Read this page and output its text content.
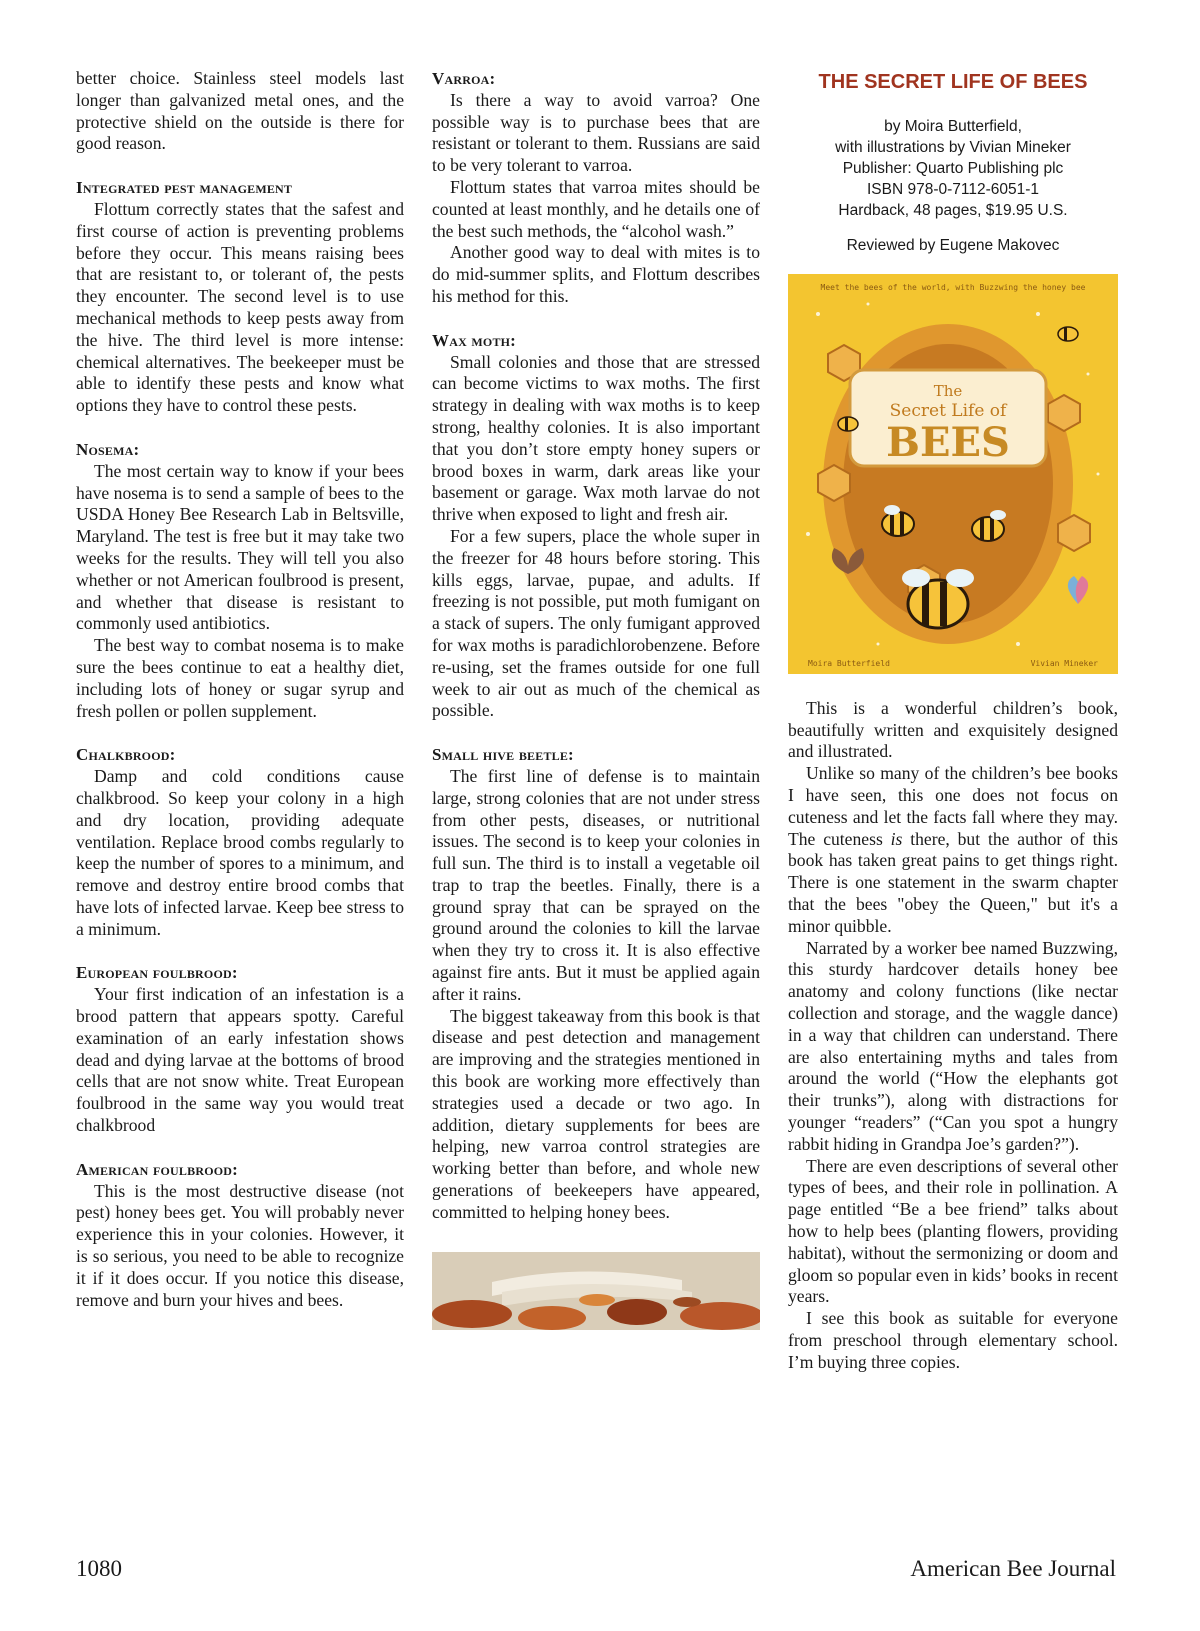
better choice. Stainless steel models last longer than galvanized metal ones, and the protective shield on the outside is there for good reason.

Integrated pest management

Flottum correctly states that the safest and first course of action is preventing problems before they occur. This means raising bees that are resistant to, or tolerant of, the pests they encounter. The second level is to use mechanical methods to keep pests away from the hive. The third level is more intense: chemical alternatives. The beekeeper must be able to identify these pests and know what options they have to control these pests.

Nosema:

The most certain way to know if your bees have nosema is to send a sample of bees to the USDA Honey Bee Research Lab in Beltsville, Maryland. The test is free but it may take two weeks for the results. They will tell you also whether or not American foulbrood is present, and whether that disease is resistant to commonly used antibiotics.

The best way to combat nosema is to make sure the bees continue to eat a healthy diet, including lots of honey or sugar syrup and fresh pollen or pollen supplement.

Chalkbrood:

Damp and cold conditions cause chalkbrood. So keep your colony in a high and dry location, providing adequate ventilation. Replace brood combs regularly to keep the number of spores to a minimum, and remove and destroy entire brood combs that have lots of infected larvae. Keep bee stress to a minimum.

European foulbrood:

Your first indication of an infestation is a brood pattern that appears spotty. Careful examination of an early infestation shows dead and dying larvae at the bottoms of brood cells that are not snow white. Treat European foulbrood in the same way you would treat chalkbrood

American foulbrood:

This is the most destructive disease (not pest) honey bees get. You will probably never experience this in your colonies. However, it is so serious, you need to be able to recognize it if it does occur. If you notice this disease, remove and burn your hives and bees.

Varroa:

Is there a way to avoid varroa? One possible way is to purchase bees that are resistant or tolerant to them. Russians are said to be very tolerant to varroa.

Flottum states that varroa mites should be counted at least monthly, and he details one of the best such methods, the “alcohol wash.”

Another good way to deal with mites is to do mid-summer splits, and Flottum describes his method for this.

Wax moth:

Small colonies and those that are stressed can become victims to wax moths. The first strategy in dealing with wax moths is to keep strong, healthy colonies. It is also important that you don’t store empty honey supers or brood boxes in warm, dark areas like your basement or garage. Wax moth larvae do not thrive when exposed to light and fresh air.

For a few supers, place the whole super in the freezer for 48 hours before storing. This kills eggs, larvae, pupae, and adults. If freezing is not possible, put moth fumigant on a stack of supers. The only fumigant approved for wax moths is paradichlorobenzene. Before re-using, set the frames outside for one full week to air out as much of the chemical as possible.

Small hive beetle:

The first line of defense is to maintain large, strong colonies that are not under stress from other pests, diseases, or nutritional issues. The second is to keep your colonies in full sun. The third is to install a vegetable oil trap to trap the beetles. Finally, there is a ground spray that can be sprayed on the ground around the colonies to kill the larvae when they try to cross it. It is also effective against fire ants. But it must be applied again after it rains.

The biggest takeaway from this book is that disease and pest detection and management are improving and the strategies mentioned in this book are working more effectively than strategies used a decade or two ago. In addition, dietary supplements for bees are helping, new varroa control strategies are working better than before, and whole new generations of beekeepers have appeared, committed to helping honey bees.

THE SECRET LIFE OF BEES
by Moira Butterfield,
with illustrations by Vivian Mineker
Publisher: Quarto Publishing plc
ISBN 978-0-7112-6051-1
Hardback, 48 pages, $19.95 U.S.
Reviewed by Eugene Makovec
Meet the bees of the world, with Buzzwing the honey bee
The
Secret Life of
BEES
Moira Butterfield	Vivian Mineker

This is a wonderful children’s book, beautifully written and exquisitely designed and illustrated.

Unlike so many of the children’s bee books I have seen, this one does not focus on cuteness and let the facts fall where they may. The cuteness is there, but the author of this book has taken great pains to get things right. There is one statement in the swarm chapter that the bees "obey the Queen," but it's a minor quibble.

Narrated by a worker bee named Buzzwing, this sturdy hardcover details honey bee anatomy and colony functions (like nectar collection and storage, and the waggle dance) in a way that children can understand. There are also entertaining myths and tales from around the world (“How the elephants got their trunks”), along with distractions for younger “readers” (“Can you spot a hungry rabbit hiding in Grandpa Joe’s garden?”).

There are even descriptions of several other types of bees, and their role in pollination. A page entitled “Be a bee friend” talks about how to help bees (planting flowers, providing habitat), without the sermonizing or doom and gloom so popular even in kids’ books in recent years.

I see this book as suitable for everyone from preschool through elementary school. I’m buying three copies.

1080	American Bee Journal
